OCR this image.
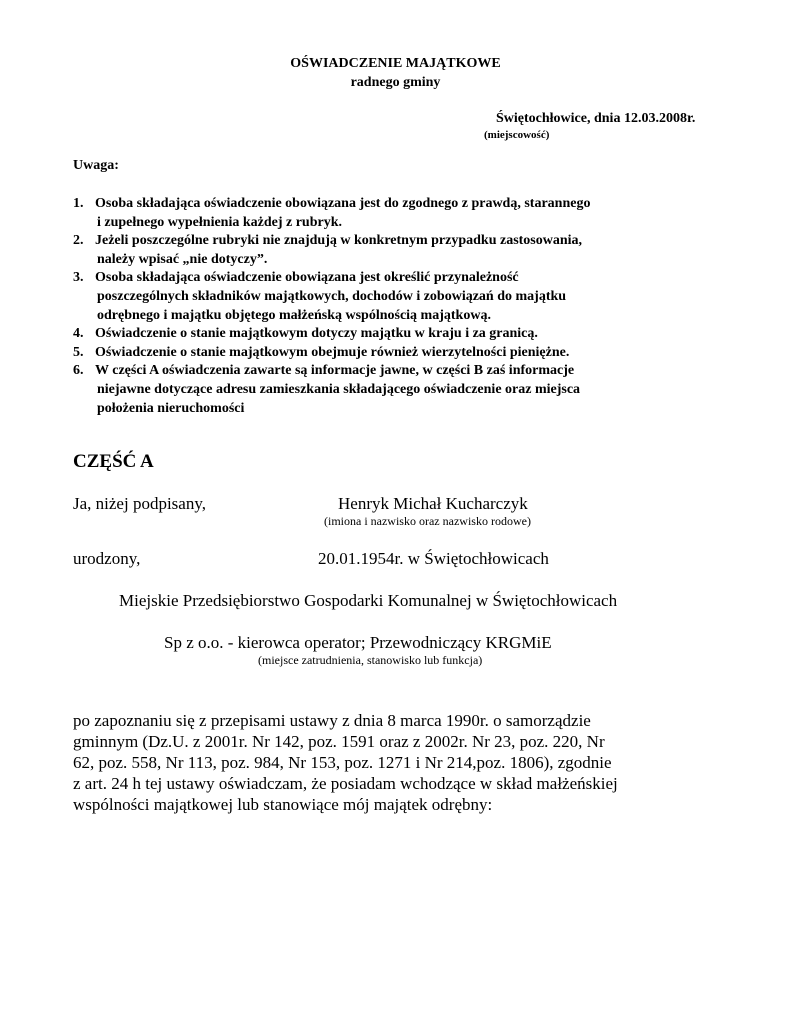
OŚWIADCZENIE MAJĄTKOWE
radnego gminy
Świętochłowice, dnia 12.03.2008r.
(miejscowość)
Uwaga:
1. Osoba składająca oświadczenie obowiązana jest do zgodnego z prawdą, starannego
i zupełnego wypełnienia każdej z rubryk.
2. Jeżeli poszczególne rubryki nie znajdują w konkretnym przypadku zastosowania,
należy wpisać „nie dotyczy”.
3. Osoba składająca oświadczenie obowiązana jest określić przynależność
poszczególnych składników majątkowych, dochodów i zobowiązań do majątku
odrębnego i majątku objętego małżeńską wspólnością majątkową.
4. Oświadczenie o stanie majątkowym dotyczy majątku w kraju i za granicą.
5. Oświadczenie o stanie majątkowym obejmuje również wierzytelności pieniężne.
6. W części A oświadczenia zawarte są informacje jawne, w części B zaś informacje
niejawne dotyczące adresu zamieszkania składającego oświadczenie oraz miejsca
położenia nieruchomości
CZĘŚĆ A
Ja, niżej podpisany,	Henryk Michał Kucharczyk
(imiona i nazwisko oraz nazwisko rodowe)
urodzony,	20.01.1954r. w Świętochłowicach
Miejskie Przedsiębiorstwo Gospodarki Komunalnej w Świętochłowicach
Sp z o.o. - kierowca operator; Przewodniczący KRGMiE
(miejsce zatrudnienia, stanowisko lub funkcja)
po zapoznaniu się z przepisami ustawy z dnia 8 marca 1990r. o samorządzie
gminnym (Dz.U. z 2001r. Nr 142, poz. 1591 oraz z 2002r. Nr 23, poz. 220, Nr
62, poz. 558, Nr 113, poz. 984, Nr 153, poz. 1271 i Nr 214,poz. 1806), zgodnie
z art. 24 h tej ustawy oświadczam, że posiadam wchodzące w skład małżeńskiej
wspólności majątkowej lub stanowiące mój majątek odrębny:
